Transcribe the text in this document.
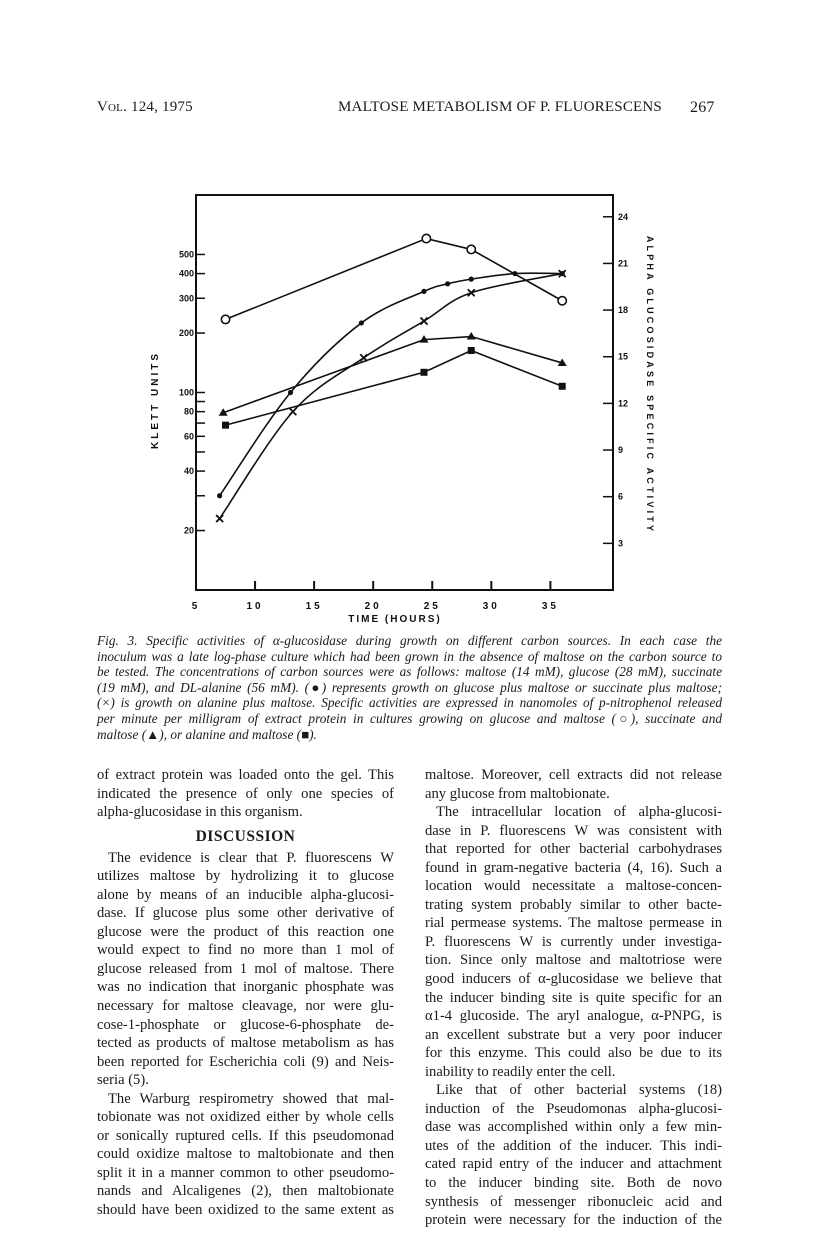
Vol. 124, 1975	MALTOSE METABOLISM OF P. FLUORESCENS 267
5	10	15	20	25	30	35
500
400
300
200
100
80
60
40
20
24
21
18
15
12
9
6
3
TIME (HOURS)
KLETT UNITS	ALPHA GLUCOSIDASE SPECIFIC ACTIVITY
Fig. 3. Specific activities of α-glucosidase during growth on different carbon sources. In each case the
inoculum was a late log-phase culture which had been grown in the absence of maltose on the carbon source to
be tested. The concentrations of carbon sources were as follows: maltose (14 mM), glucose (28 mM), succinate
(19 mM), and DL-alanine (56 mM). (●) represents growth on glucose plus maltose or succinate plus maltose;
(×) is growth on alanine plus maltose. Specific activities are expressed in nanomoles of p-nitrophenol released
per minute per milligram of extract protein in cultures growing on glucose and maltose (○), succinate and
maltose (▲), or alanine and maltose (■).
of extract protein was loaded onto the gel. This
indicated the presence of only one species of
alpha-glucosidase in this organism.
DISCUSSION
The evidence is clear that P. fluorescens W
utilizes maltose by hydrolizing it to glucose
alone by means of an inducible alpha-glucosi-
dase. If glucose plus some other derivative of
glucose were the product of this reaction one
would expect to find no more than 1 mol of
glucose released from 1 mol of maltose. There
was no indication that inorganic phosphate was
necessary for maltose cleavage, nor were glu-
cose-1-phosphate or glucose-6-phosphate de-
tected as products of maltose metabolism as has
been reported for Escherichia coli (9) and Neis-
seria (5).
The Warburg respirometry showed that mal-
tobionate was not oxidized either by whole cells
or sonically ruptured cells. If this pseudomonad
could oxidize maltose to maltobionate and then
split it in a manner common to other pseudomo-
nands and Alcaligenes (2), then maltobionate
should have been oxidized to the same extent as
maltose. Moreover, cell extracts did not release
any glucose from maltobionate.
The intracellular location of alpha-glucosi-
dase in P. fluorescens W was consistent with
that reported for other bacterial carbohydrases
found in gram-negative bacteria (4, 16). Such a
location would necessitate a maltose-concen-
trating system probably similar to other bacte-
rial permease systems. The maltose permease in
P. fluorescens W is currently under investiga-
tion. Since only maltose and maltotriose were
good inducers of α-glucosidase we believe that
the inducer binding site is quite specific for an
α1-4 glucoside. The aryl analogue, α-PNPG, is
an excellent substrate but a very poor inducer
for this enzyme. This could also be due to its
inability to readily enter the cell.
Like that of other bacterial systems (18)
induction of the Pseudomonas alpha-glucosi-
dase was accomplished within only a few min-
utes of the addition of the inducer. This indi-
cated rapid entry of the inducer and attachment
to the inducer binding site. Both de novo
synthesis of messenger ribonucleic acid and
protein were necessary for the induction of the
